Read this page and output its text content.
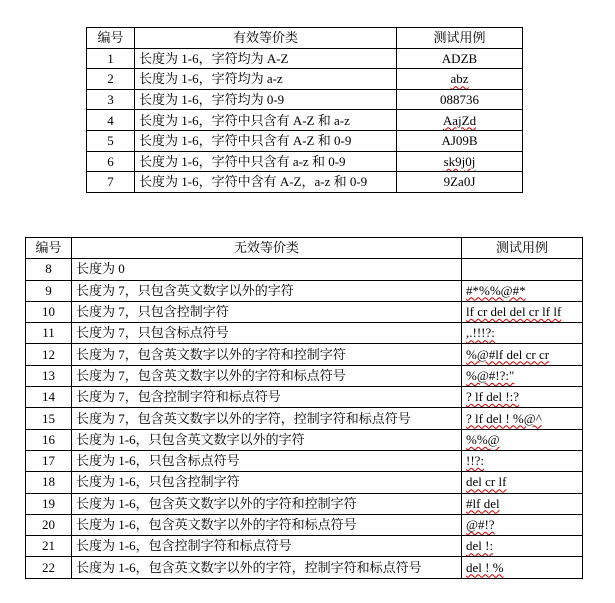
编号	有效等价类	测试用例
1	长度为 1-6，字符均为 A-Z	ADZB
2	长度为 1-6，字符均为 a-z	abz
3	长度为 1-6，字符均为 0-9	088736
4	长度为 1-6，字符中只含有 A-Z 和 a-z	AajZd
5	长度为 1-6，字符中只含有 A-Z 和 0-9	AJ09B
6	长度为 1-6，字符中只含有 a-z 和 0-9	sk9j0j
7	长度为 1-6，字符中含有 A-Z，a-z 和 0-9	9Za0J
编号	无效等价类	测试用例
8	长度为 0	
9	长度为 7，只包含英文数字以外的字符	#*%%@#*
10	长度为 7，只包含控制字符	lf cr del del cr lf lf
11	长度为 7，只包含标点符号	,.!!!?:
12	长度为 7，包含英文数字以外的字符和控制字符	%@#lf del cr cr
13	长度为 7，包含英文数字以外的字符和标点符号	%@#!?:"
14	长度为 7，包含控制字符和标点符号	? lf del !:?
15	长度为 7，包含英文数字以外的字符，控制字符和标点符号	? lf del ! %@^
16	长度为 1-6，只包含英文数字以外的字符	%%@
17	长度为 1-6，只包含标点符号	!!?:
18	长度为 1-6，只包含控制字符	del cr lf
19	长度为 1-6，包含英文数字以外的字符和控制字符	#lf del
20	长度为 1-6，包含英文数字以外的字符和标点符号	@#!?
21	长度为 1-6，包含控制字符和标点符号	del !:
22	长度为 1-6，包含英文数字以外的字符，控制字符和标点符号	del ! %
